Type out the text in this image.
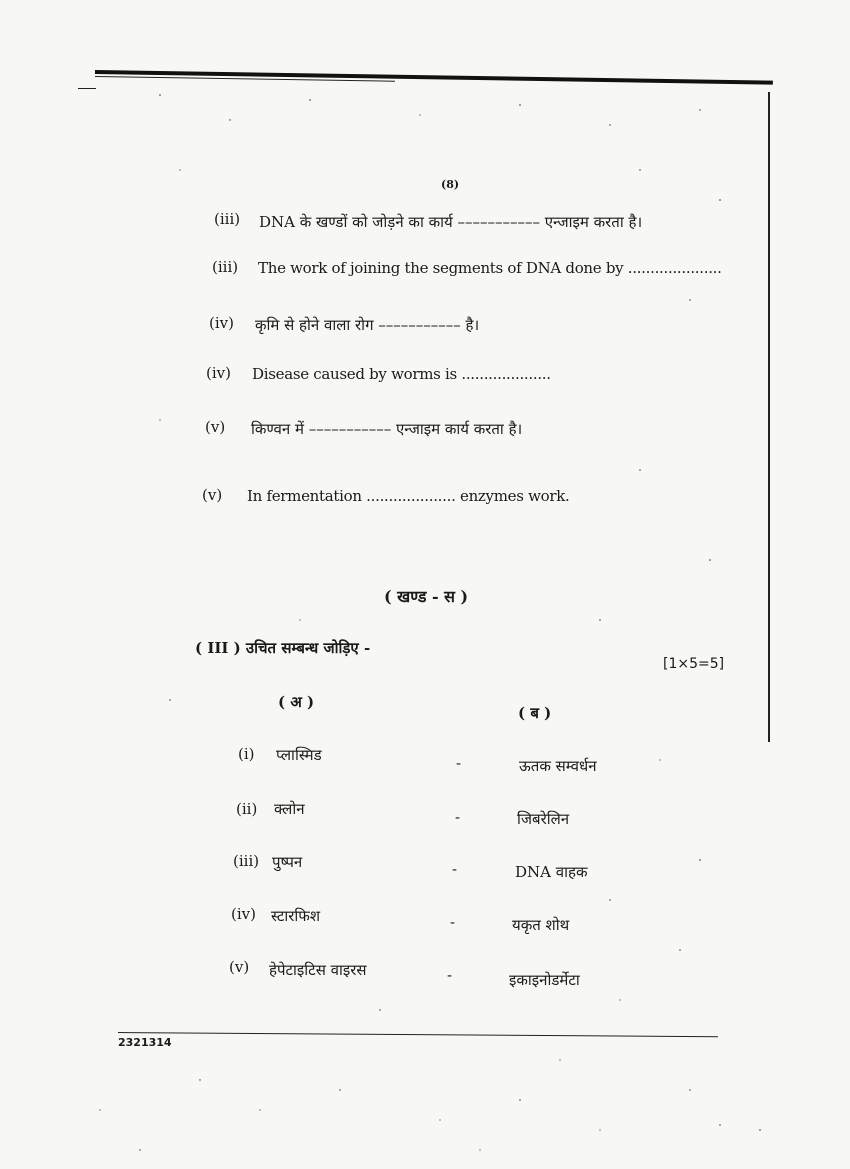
(8)
(iii) DNA के खण्डों को जोड़ने का कार्य ––––––––––– एन्जाइम करता है।
(iii) The work of joining the segments of DNA done by .....................
(iv) कृमि से होने वाला रोग ––––––––––– है।
(iv) Disease caused by worms is ....................
(v) किण्वन में ––––––––––– एन्जाइम कार्य करता है।
(v) In fermentation .................... enzymes work.
( खण्ड - स )
( III ) उचित सम्बन्ध जोड़िए -
[1×5=5]
( अ )
( ब )
(i) प्लास्मिड	-	ऊतक सम्वर्धन
(ii) क्लोन	-	जिबरेलिन
(iii) पुष्पन	-	DNA वाहक
(iv) स्टारफिश	-	यकृत शोथ
(v) हेपेटाइटिस वाइरस	-	इकाइनोडर्मेटा
2321314
